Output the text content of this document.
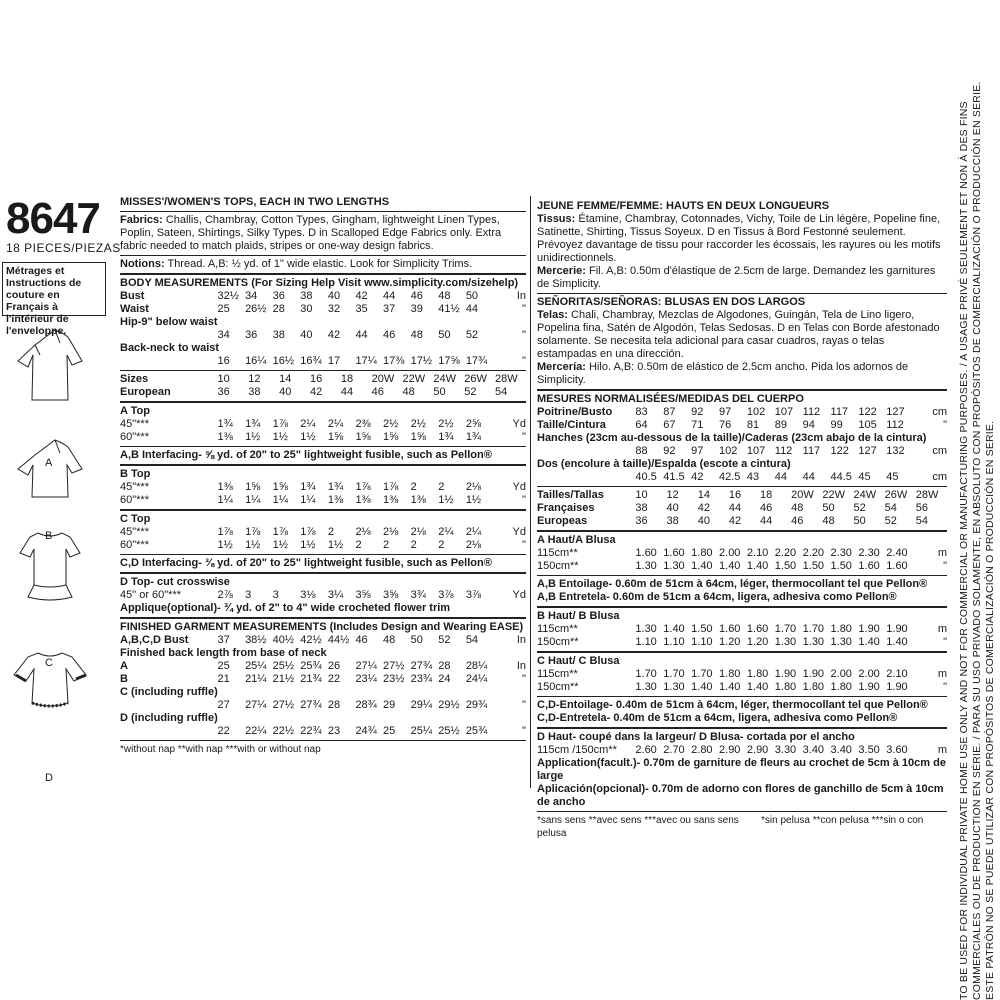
8647
18 PIECES/PIEZAS
Métrages et Instructions de couture en Français à l'intérieur de l'enveloppe.
A
B
C
D
MISSES'/WOMEN'S TOPS, EACH IN TWO LENGTHS

Fabrics: Challis, Chambray, Cotton Types, Gingham, lightweight Linen Types, Poplin, Sateen, Shirtings, Silky Types. D in Scalloped Edge Fabrics only. Extra fabric needed to match plaids, stripes or one-way design fabrics.

Notions: Thread. A,B: ½ yd. of 1" wide elastic. Look for Simplicity Trims.

BODY MEASUREMENTS (For Sizing Help Visit www.simplicity.com/sizehelp)
Bust	32½	34	36	38	40	42	44	46	48	50	In
Waist	25	26½	28	30	32	35	37	39	41½	44	"
Hip-9" below waist											
	34	36	38	40	42	44	46	48	50	52	"
Back-neck to waist											
	16	16¼	16½	16¾	17	17¼	17⅜	17½	17⅝	17¾	"
Sizes	10	12	14	16	18	20W	22W	24W	26W	28W
European	36	38	40	42	44	46	48	50	52	54
A Top
45"***	1¾	1¾	1⅞	2¼	2¼	2⅜	2½	2½	2½	2⅝	Yd
60"***	1⅜	1½	1½	1½	1⅝	1⅝	1⅝	1⅝	1¾	1¾	"
A,B Interfacing- ⅝ yd. of 20" to 25" lightweight fusible, such as Pellon®
B Top
45"***	1⅜	1⅝	1⅝	1¾	1¾	1⅞	1⅞	2	2	2⅛	Yd
60"***	1¼	1¼	1¼	1¼	1⅜	1⅜	1⅜	1⅜	1½	1½	"
C Top
45"***	1⅞	1⅞	1⅞	1⅞	2	2⅛	2⅛	2⅛	2¼	2¼	Yd
60"***	1½	1½	1½	1½	1½	2	2	2	2	2⅛	"
C,D Interfacing- ⅜ yd. of 20" to 25" lightweight fusible, such as Pellon®
D Top- cut crosswise
45" or 60"***	2⅞	3	3	3⅛	3¼	3⅝	3⅝	3¾	3⅞	3⅞	Yd
Applique(optional)- ¾ yd. of 2" to 4" wide crocheted flower trim
FINISHED GARMENT MEASUREMENTS (Includes Design and Wearing EASE)
A,B,C,D Bust	37	38½	40½	42½	44½	46	48	50	52	54	In
Finished back length from base of neck											
A	25	25¼	25½	25¾	26	27¼	27½	27¾	28	28¼	In
B	21	21¼	21½	21¾	22	23¼	23½	23¾	24	24¼	"
C (including ruffle)											
	27	27¼	27½	27¾	28	28¾	29	29¼	29½	29¾	"
D (including ruffle)											
	22	22¼	22½	22¾	23	24¾	25	25¼	25½	25¾	"
*without nap **with nap ***with or without nap
JEUNE FEMME/FEMME: HAUTS EN DEUX LONGUEURS

Tissus: Étamine, Chambray, Cotonnades, Vichy, Toile de Lin légère, Popeline fine, Satinette, Shirting, Tissus Soyeux. D en Tissus à Bord Festonné seulement. Prévoyez davantage de tissu pour raccorder les écossais, les rayures ou les motifs unidirectionnels.

Mercerie: Fil. A,B: 0.50m d'élastique de 2.5cm de large. Demandez les garnitures de Simplicity.

SEÑORITAS/SEÑORAS: BLUSAS EN DOS LARGOS

Telas: Chali, Chambray, Mezclas de Algodones, Guingán, Tela de Lino ligero, Popelina fina, Satén de Algodón, Telas Sedosas. D en Telas con Borde afestonado solamente. Se necesita tela adicional para casar cuadros, rayas o telas estampadas en una dirección.

Mercería: Hilo. A,B: 0.50m de elástico de 2.5cm ancho. Pida los adornos de Simplicity.

MESURES NORMALISÉES/MEDIDAS DEL CUERPO
Poitrine/Busto	83	87	92	97	102	107	112	117	122	127	cm
Taille/Cintura	64	67	71	76	81	89	94	99	105	112	"
Hanches (23cm au-dessous de la taille)/Caderas (23cm abajo de la cintura)											
	88	92	97	102	107	112	117	122	127	132	cm
Dos (encolure à taille)/Espalda (escote a cintura)											
	40.5	41.5	42	42.5	43	44	44	44.5	45	45	cm
Tailles/Tallas	10	12	14	16	18	20W	22W	24W	26W	28W
Françaises	38	40	42	44	46	48	50	52	54	56
Europeas	36	38	40	42	44	46	48	50	52	54
A Haut/A Blusa
115cm**	1.60	1.60	1.80	2.00	2.10	2.20	2.20	2.30	2.30	2.40	m
150cm**	1.30	1.30	1.40	1.40	1.40	1.50	1.50	1.50	1.60	1.60	"
A,B Entoilage- 0.60m de 51cm à 64cm, léger, thermocollant tel que Pellon®
A,B Entretela- 0.60m de 51cm a 64cm, ligera, adhesiva como Pellon®
B Haut/ B Blusa
115cm**	1.30	1.40	1.50	1.60	1.60	1.70	1.70	1.80	1.90	1.90	m
150cm**	1.10	1.10	1.10	1.20	1.20	1.30	1.30	1.30	1.40	1.40	"
C Haut/ C Blusa
115cm**	1.70	1.70	1.70	1.80	1.80	1.90	1.90	2.00	2.00	2.10	m
150cm**	1.30	1.30	1.40	1.40	1.40	1.80	1.80	1.80	1.90	1.90	"
C,D-Entoilage- 0.40m de 51cm à 64cm, léger, thermocollant tel que Pellon®
C,D-Entretela- 0.40m de 51cm a 64cm, ligera, adhesiva como Pellon®
D Haut- coupé dans la largeur/ D Blusa- cortada por el ancho
115cm /150cm**	2.60	2.70	2.80	2.90	2.90	3.30	3.40	3.40	3.50	3.60	m
Application(facult.)- 0.70m de garniture de fleurs au crochet de 5cm à 10cm de large
Aplicación(opcional)- 0.70m de adorno con flores de ganchillo de 5cm à 10cm de ancho
*sans sens **avec sens ***avec ou sans sens *sin pelusa **con pelusa ***sin o con pelusa	TO BE USED FOR INDIVIDUAL PRIVATE HOME USE ONLY AND NOT FOR COMMERCIAL OR MANUFACTURING PURPOSES. / A USAGE PRIVÉ SEULEMENT ET NON À DES FINS COMMERCIALES OU DE PRODUCTION EN SÉRIE. / PARA SU USO PRIVADO SOLAMENTE, EN ABSOLUTO CON PROPÓSITOS DE COMERCIALIZACIÓN O PRODUCCIÓN EN SERIE. ESTE PATRÓN NO SE PUEDE UTILIZAR CON PROPÓSITOS DE COMERCIALIZACIÓN O PRODUCCIÓN EN SERIE.
